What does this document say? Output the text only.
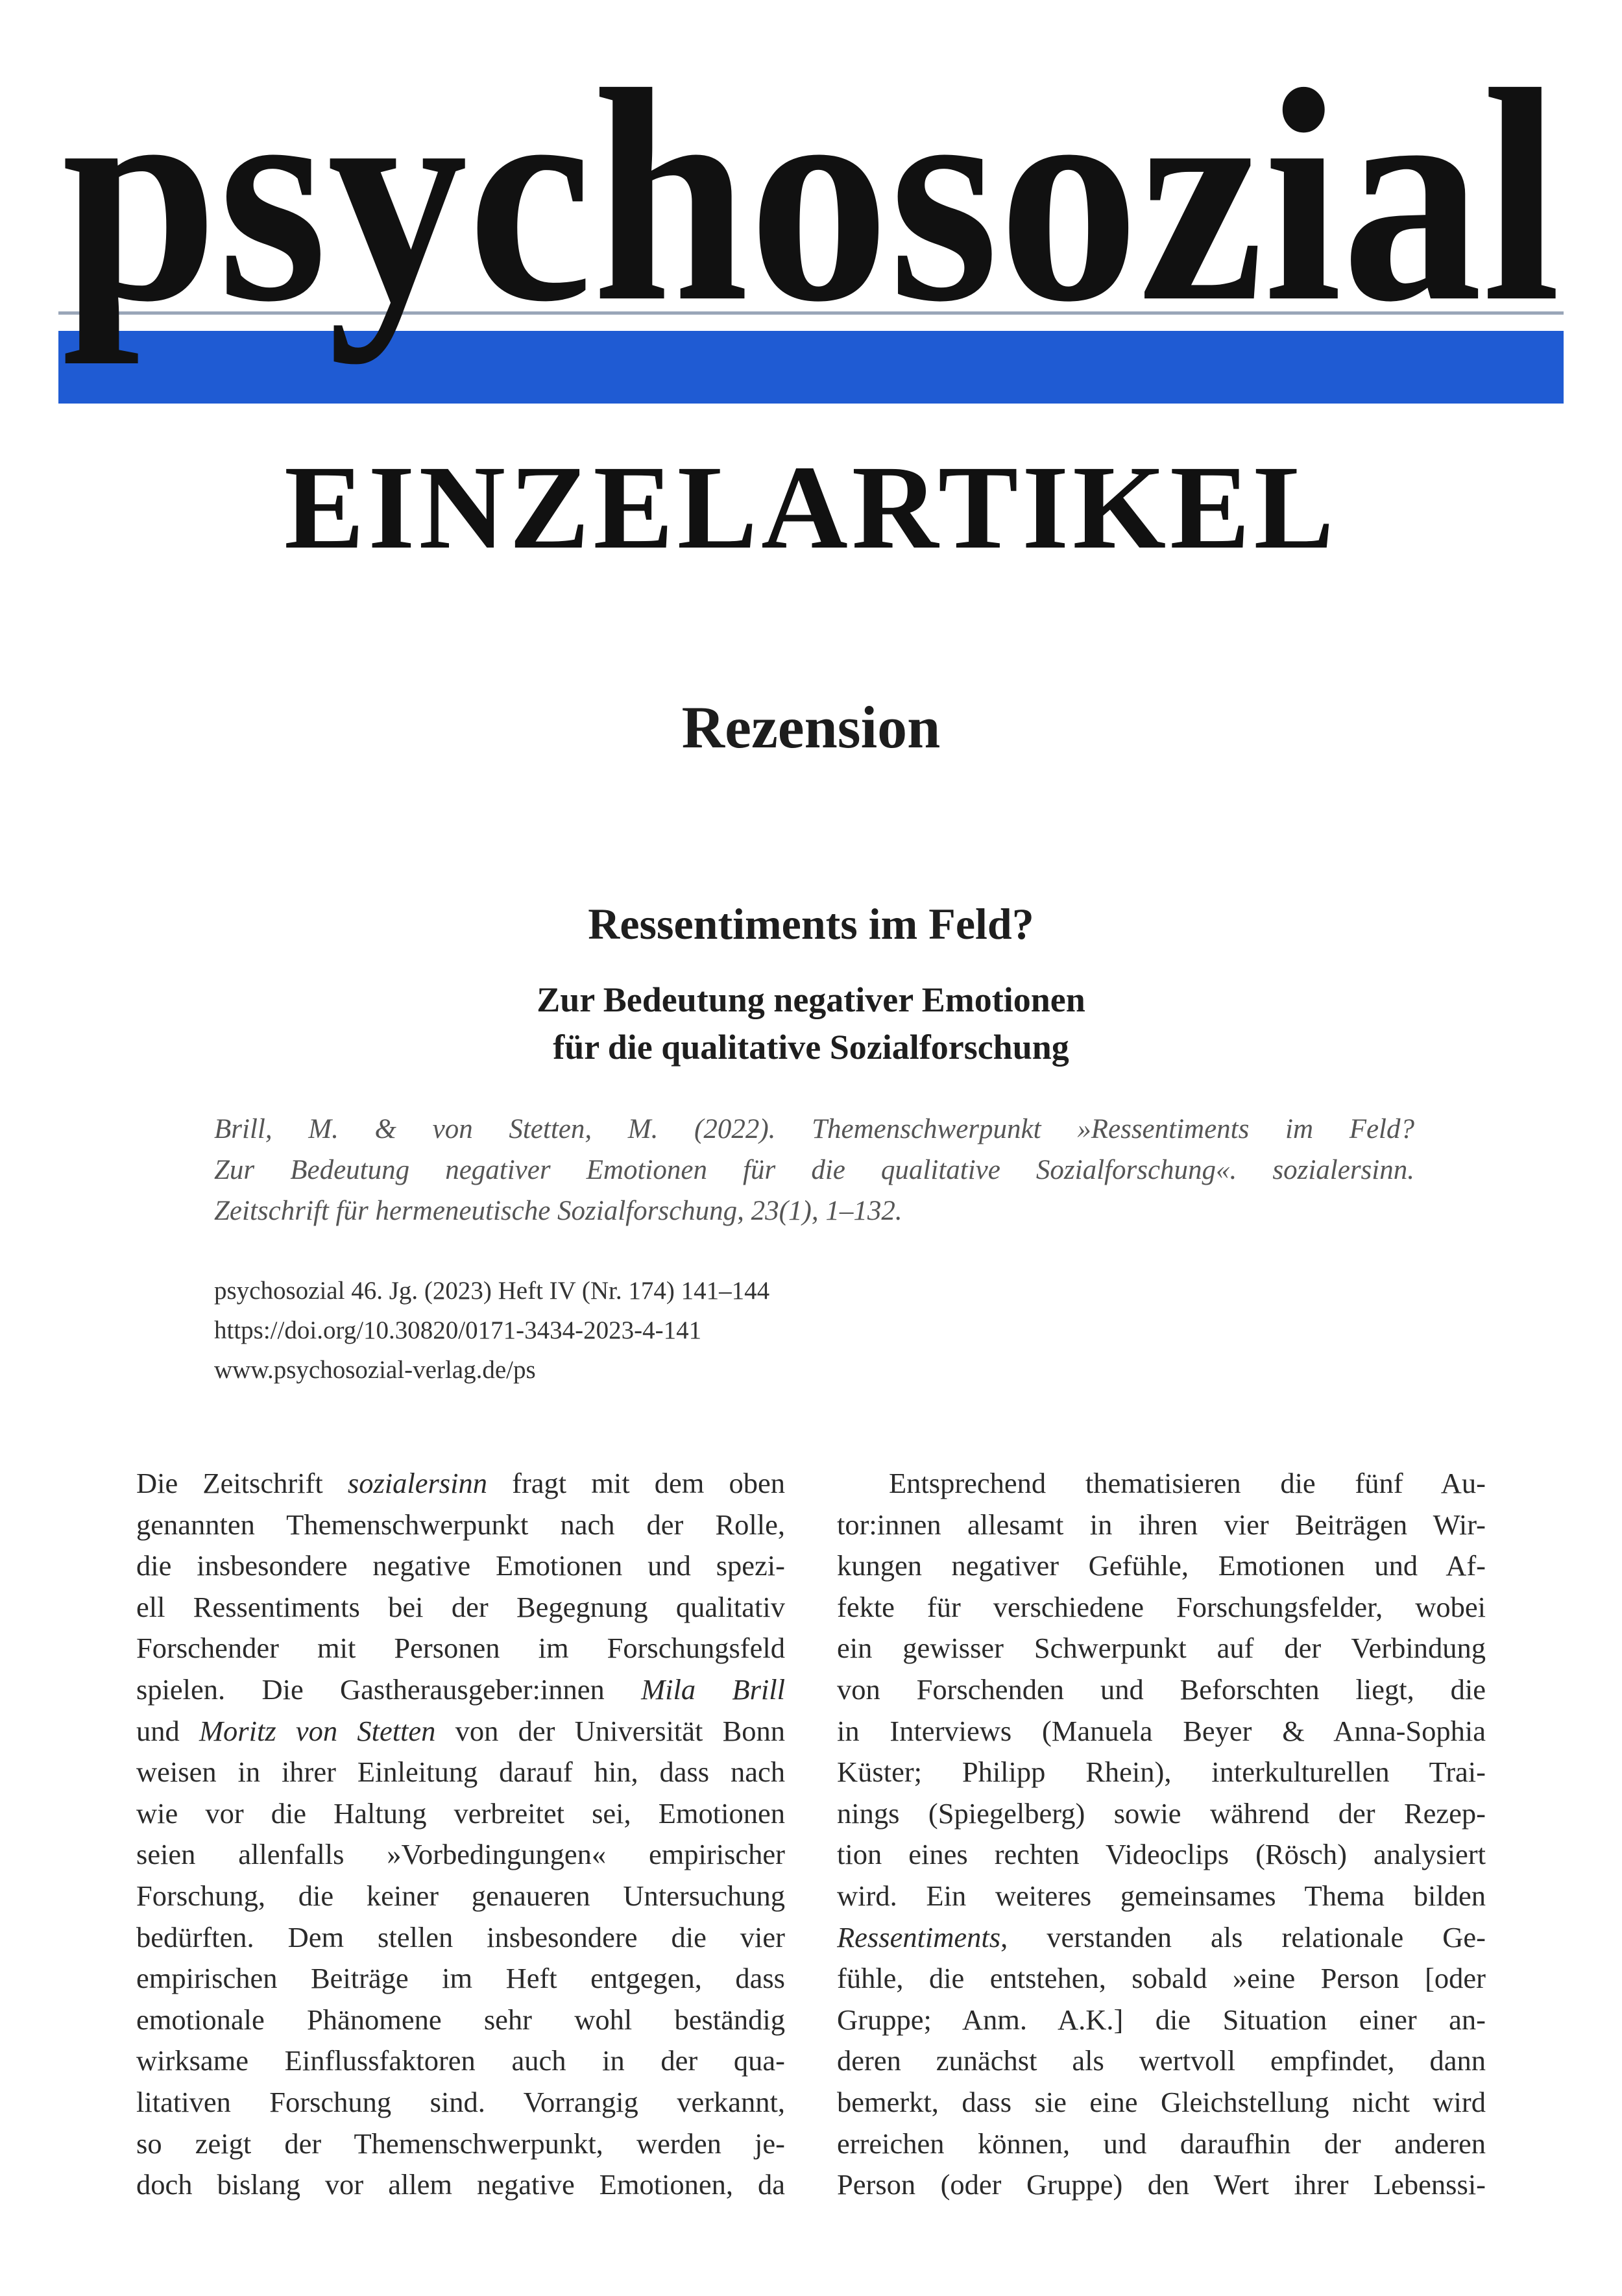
psychosozial
EINZELARTIKEL
Rezension
Ressentiments im Feld?
Zur Bedeutung negativer Emotionen
für die qualitative Sozialforschung
Brill, M. & von Stetten, M. (2022). Themenschwerpunkt »Ressentiments im Feld?
Zur Bedeutung negativer Emotionen für die qualitative Sozialforschung«. sozialersinn.
Zeitschrift für hermeneutische Sozialforschung, 23(1), 1–132.
psychosozial 46. Jg. (2023) Heft IV (Nr. 174) 141–144
https://doi.org/10.30820/0171-3434-2023-4-141
www.psychosozial-verlag.de/ps
Die Zeitschrift sozialersinn fragt mit dem oben
genannten Themenschwerpunkt nach der Rolle,
die insbesondere negative Emotionen und spezi-
ell Ressentiments bei der Begegnung qualitativ
Forschender mit Personen im Forschungsfeld
spielen. Die Gastherausgeber:innen Mila Brill
und Moritz von Stetten von der Universität Bonn
weisen in ihrer Einleitung darauf hin, dass nach
wie vor die Haltung verbreitet sei, Emotionen
seien allenfalls »Vorbedingungen« empirischer
Forschung, die keiner genaueren Untersuchung
bedürften. Dem stellen insbesondere die vier
empirischen Beiträge im Heft entgegen, dass
emotionale Phänomene sehr wohl beständig
wirksame Einflussfaktoren auch in der qua-
litativen Forschung sind. Vorrangig verkannt,
so zeigt der Themenschwerpunkt, werden je-
doch bislang vor allem negative Emotionen, da
Entsprechend thematisieren die fünf Au-
tor:innen allesamt in ihren vier Beiträgen Wir-
kungen negativer Gefühle, Emotionen und Af-
fekte für verschiedene Forschungsfelder, wobei
ein gewisser Schwerpunkt auf der Verbindung
von Forschenden und Beforschten liegt, die
in Interviews (Manuela Beyer & Anna-Sophia
Küster; Philipp Rhein), interkulturellen Trai-
nings (Spiegelberg) sowie während der Rezep-
tion eines rechten Videoclips (Rösch) analysiert
wird. Ein weiteres gemeinsames Thema bilden
Ressentiments, verstanden als relationale Ge-
fühle, die entstehen, sobald »eine Person [oder
Gruppe; Anm. A.K.] die Situation einer an-
deren zunächst als wertvoll empfindet, dann
bemerkt, dass sie eine Gleichstellung nicht wird
erreichen können, und daraufhin der anderen
Person (oder Gruppe) den Wert ihrer Lebenssi-
